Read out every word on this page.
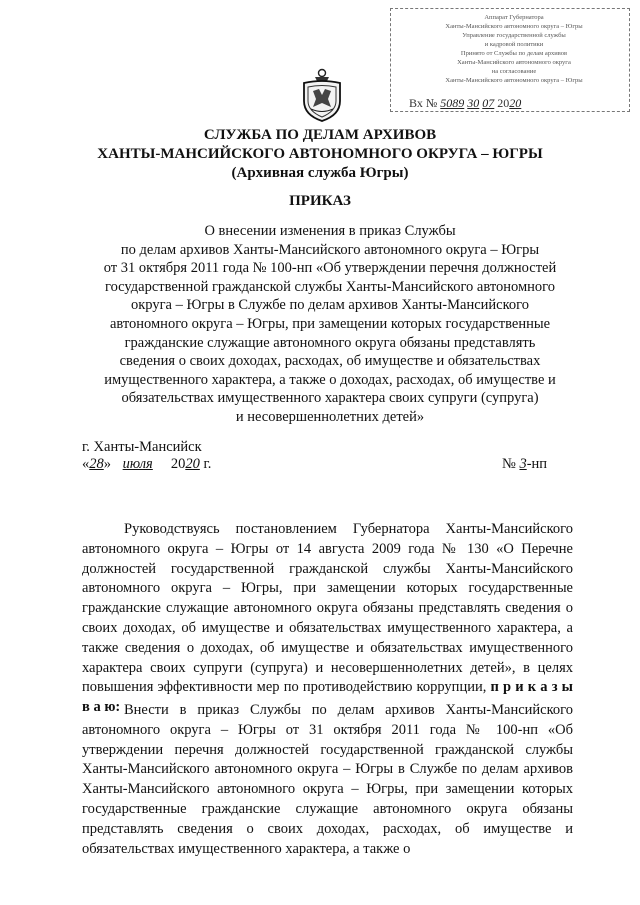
Аппарат Губернатора
Ханты-Мансийского автономного округа – Югры
Управление государственной службы
и кадровой политики
Принято от Службы по делам архивов
Ханты-Мансийского автономного округа
на согласование
Ханты-Мансийского автономного округа – Югры
Вх № 5089 30 07 2020
СЛУЖБА ПО ДЕЛАМ АРХИВОВ
ХАНТЫ-МАНСИЙСКОГО АВТОНОМНОГО ОКРУГА – ЮГРЫ
(Архивная служба Югры)
ПРИКАЗ
О внесении изменения в приказ Службы
по делам архивов Ханты-Мансийского автономного округа – Югры
от 31 октября 2011 года № 100-нп «Об утверждении перечня должностей
государственной гражданской службы Ханты-Мансийского автономного
округа – Югры в Службе по делам архивов Ханты-Мансийского
автономного округа – Югры, при замещении которых государственные
гражданские служащие автономного округа обязаны представлять
сведения о своих доходах, расходах, об имуществе и обязательствах
имущественного характера, а также о доходах, расходах, об имуществе и
обязательствах имущественного характера своих супруги (супруга)
и несовершеннолетних детей»
г. Ханты-Мансийск
«28» июля 2020 г.	№ 3-нп

Руководствуясь постановлением Губернатора Ханты-Мансийского автономного округа – Югры от 14 августа 2009 года № 130 «О Перечне должностей государственной гражданской службы Ханты-Мансийского автономного округа – Югры, при замещении которых государственные гражданские служащие автономного округа обязаны представлять сведения о своих доходах, об имуществе и обязательствах имущественного характера, а также сведения о доходах, об имуществе и обязательствах имущественного характера своих супруги (супруга) и несовершеннолетних детей», в целях повышения эффективности мер по противодействию коррупции, п р и к а з ы в а ю: Внести в приказ Службы по делам архивов Ханты-Мансийского автономного округа – Югры от 31 октября 2011 года № 100-нп «Об утверждении перечня должностей государственной гражданской службы Ханты-Мансийского автономного округа – Югры в Службе по делам архивов Ханты-Мансийского автономного округа – Югры, при замещении которых государственные гражданские служащие автономного округа обязаны представлять сведения о своих доходах, расходах, об имуществе и обязательствах имущественного характера, а также о
